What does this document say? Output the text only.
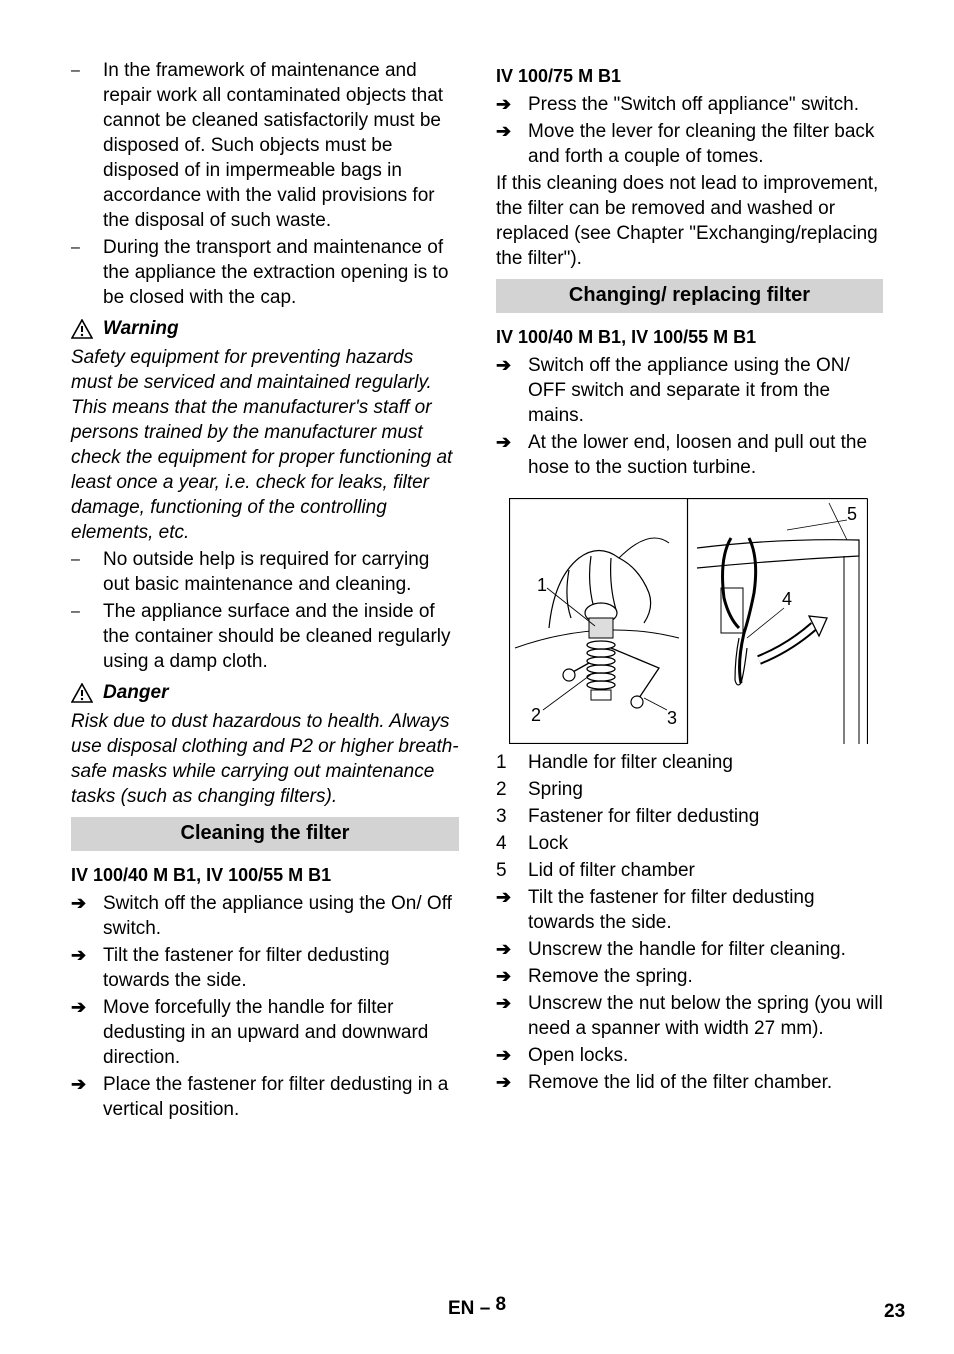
–	In the framework of maintenance and repair work all contaminated objects that cannot be cleaned satisfactorily must be disposed of. Such objects must be disposed of in impermeable bags in accordance with the valid provisions for the disposal of such waste.
–	During the transport and maintenance of the appliance the extraction opening is to be closed with the cap.
Warning
Safety equipment for preventing hazards must be serviced and maintained regularly. This means that the manufacturer's staff or persons trained by the manufacturer must check the equipment for proper functioning at least once a year, i.e. check for leaks, filter damage, functioning of the controlling elements, etc.
–	No outside help is required for carrying out basic maintenance and cleaning.
–	The appliance surface and the inside of the container should be cleaned regularly using a damp cloth.
Danger
Risk due to dust hazardous to health. Always use disposal clothing and P2 or higher breath-safe masks while carrying out maintenance tasks (such as changing filters).
Cleaning the filter
IV 100/40 M B1, IV 100/55 M B1
➔ Switch off the appliance using the On/ Off switch.
➔ Tilt the fastener for filter dedusting towards the side.
➔ Move forcefully the handle for filter dedusting in an upward and downward direction.
➔ Place the fastener for filter dedusting in a vertical position.
IV 100/75 M B1
➔ Press the "Switch off appliance" switch.
➔ Move the lever for cleaning the filter back and forth a couple of tomes.
If this cleaning does not lead to improvement, the filter can be removed and washed or replaced (see Chapter "Exchanging/replacing the filter").
Changing/ replacing filter
IV 100/40 M B1, IV 100/55 M B1
➔ Switch off the appliance using the ON/ OFF switch and separate it from the mains.
➔ At the lower end, loosen and pull out the hose to the suction turbine.
1
2	3
4
5
1	Handle for filter cleaning
2	Spring
3	Fastener for filter dedusting
4	Lock
5	Lid of filter chamber
➔ Tilt the fastener for filter dedusting towards the side.
➔ Unscrew the handle for filter cleaning.
➔ Remove the spring.
➔ Unscrew the nut below the spring (you will need a spanner with width 27 mm).
➔ Open locks.
➔ Remove the lid of the filter chamber.
EN – 8	23
